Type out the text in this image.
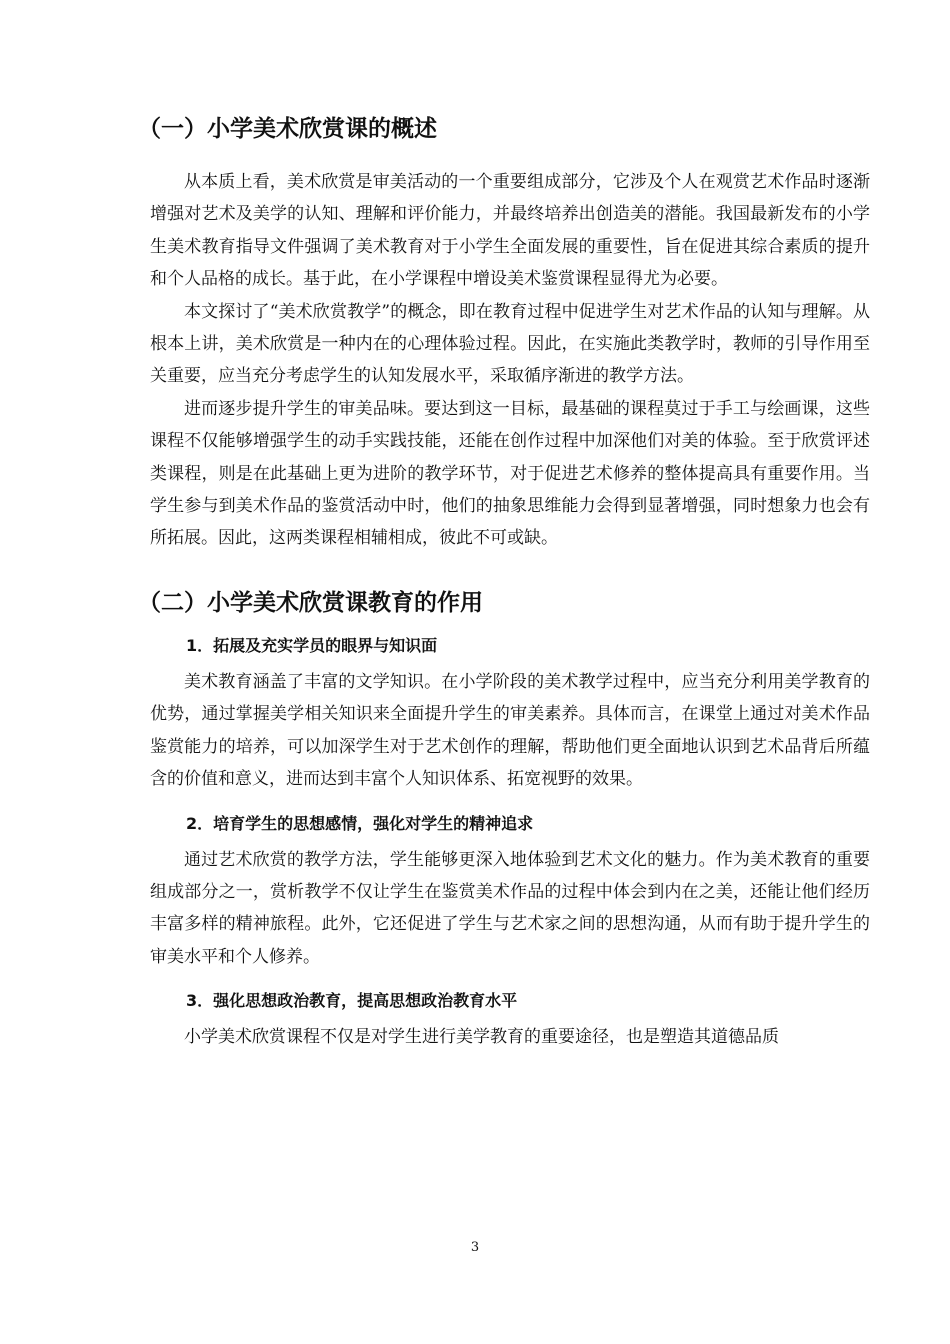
（一）小学美术欣赏课的概述

从本质上看，美术欣赏是审美活动的一个重要组成部分，它涉及个人在观赏艺术作品时逐渐增强对艺术及美学的认知、理解和评价能力，并最终培养出创造美的潜能。我国最新发布的小学生美术教育指导文件强调了美术教育对于小学生全面发展的重要性，旨在促进其综合素质的提升和个人品格的成长。基于此，在小学课程中增设美术鉴赏课程显得尤为必要。

本文探讨了“美术欣赏教学”的概念，即在教育过程中促进学生对艺术作品的认知与理解。从根本上讲，美术欣赏是一种内在的心理体验过程。因此，在实施此类教学时，教师的引导作用至关重要，应当充分考虑学生的认知发展水平，采取循序渐进的教学方法。

进而逐步提升学生的审美品味。要达到这一目标，最基础的课程莫过于手工与绘画课，这些课程不仅能够增强学生的动手实践技能，还能在创作过程中加深他们对美的体验。至于欣赏评述类课程，则是在此基础上更为进阶的教学环节，对于促进艺术修养的整体提高具有重要作用。当学生参与到美术作品的鉴赏活动中时，他们的抽象思维能力会得到显著增强，同时想象力也会有所拓展。因此，这两类课程相辅相成，彼此不可或缺。

（二）小学美术欣赏课教育的作用
1．拓展及充实学员的眼界与知识面

美术教育涵盖了丰富的文学知识。在小学阶段的美术教学过程中，应当充分利用美学教育的优势，通过掌握美学相关知识来全面提升学生的审美素养。具体而言，在课堂上通过对美术作品鉴赏能力的培养，可以加深学生对于艺术创作的理解，帮助他们更全面地认识到艺术品背后所蕴含的价值和意义，进而达到丰富个人知识体系、拓宽视野的效果。

2．培育学生的思想感情，强化对学生的精神追求

通过艺术欣赏的教学方法，学生能够更深入地体验到艺术文化的魅力。作为美术教育的重要组成部分之一，赏析教学不仅让学生在鉴赏美术作品的过程中体会到内在之美，还能让他们经历丰富多样的精神旅程。此外，它还促进了学生与艺术家之间的思想沟通，从而有助于提升学生的审美水平和个人修养。

3．强化思想政治教育，提高思想政治教育水平

小学美术欣赏课程不仅是对学生进行美学教育的重要途径，也是塑造其道德品质

3
